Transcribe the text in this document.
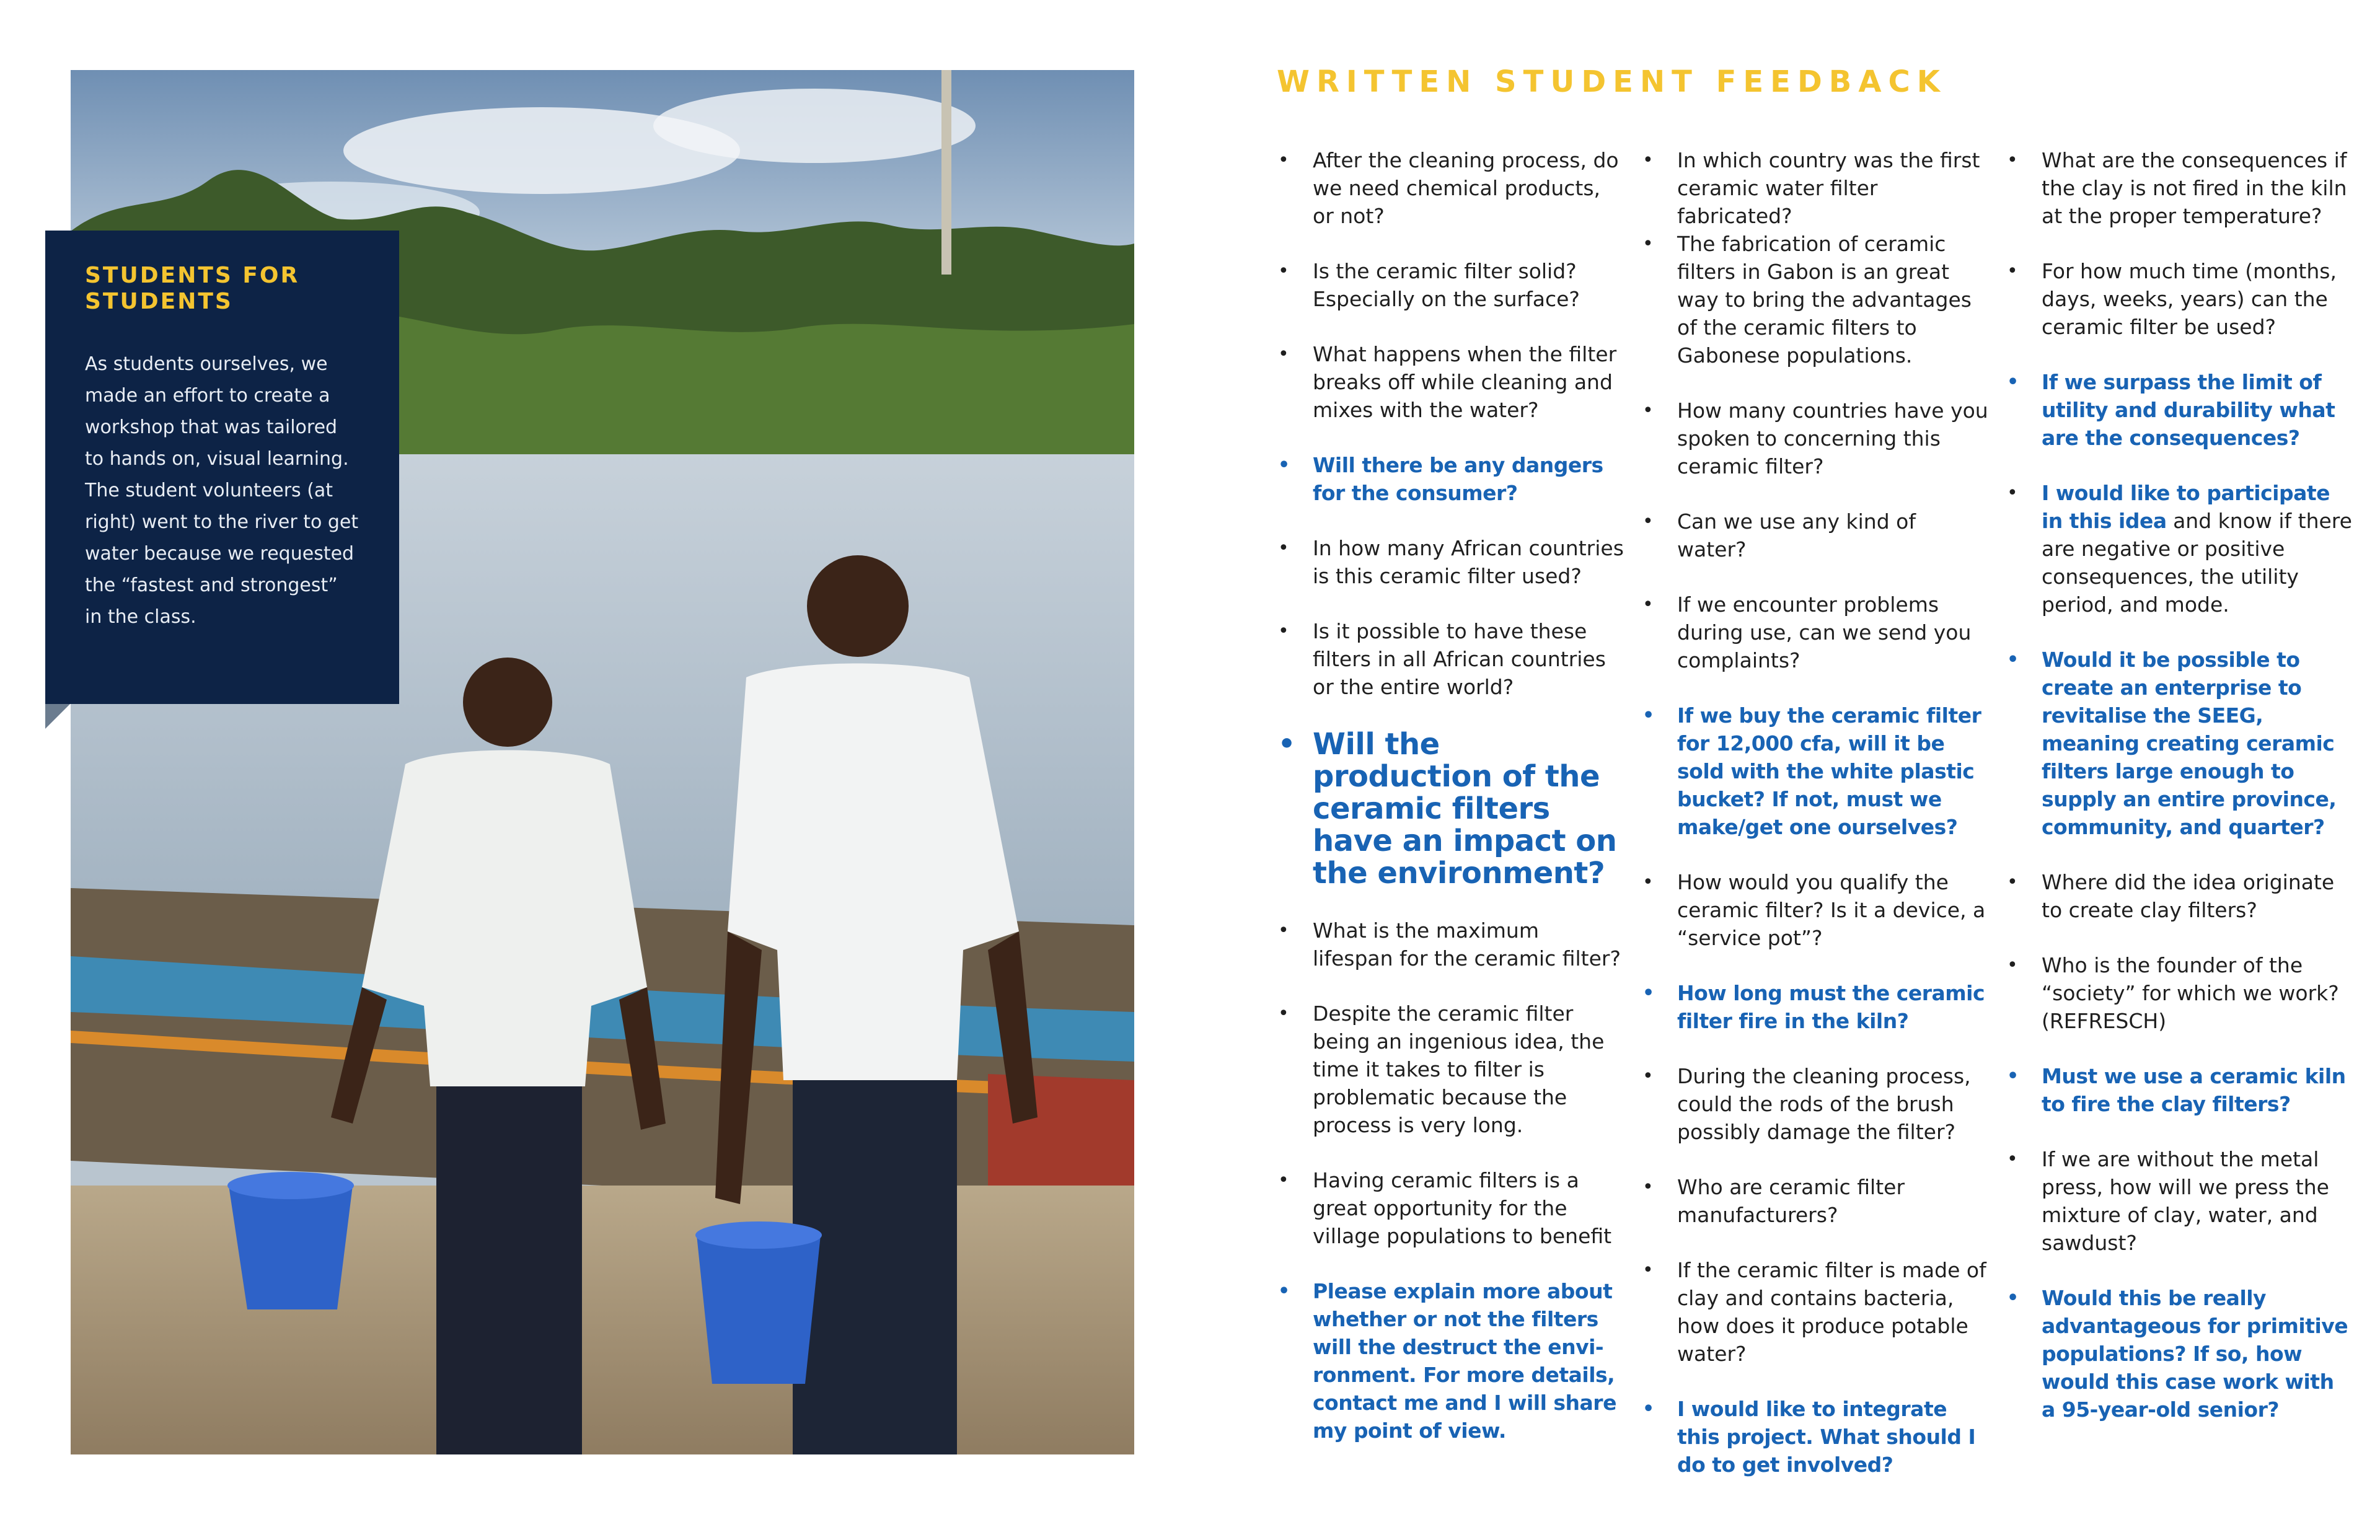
STUDENTS FOR STUDENTS

As students ourselves, we made an effort to create a workshop that was tailored to hands on, visual learning. The student volunteers (at right) went to the river to get water because we requested the “fastest and strongest” in the class.

WRITTEN STUDENT FEEDBACK
• After the cleaning process, do we need chemical products, or not?
• Is the ceramic filter solid? Especially on the surface?
• What happens when the filter breaks off while cleaning and mixes with the water?
• Will there be any dangers for the consumer?
• In how many African countries is this ceramic filter used?
• Is it possible to have these filters in all African countries or the entire world?
• Will the production of the ceramic filters have an impact on the environment?
• What is the maximum lifespan for the ceramic filter?
• Despite the ceramic filter being an ingenious idea, the time it takes to filter is problematic because the process is very long.
• Having ceramic filters is a great opportunity for the village populations to benefit
• Please explain more about whether or not the filters will the destruct the envi-ronment. For more details, contact me and I will share my point of view.
• In which country was the first ceramic water filter fabricated?
• The fabrication of ceramic filters in Gabon is an great way to bring the advantages of the ceramic filters to Gabonese populations.
• How many countries have you spoken to concerning this ceramic filter?
• Can we use any kind of water?
• If we encounter problems during use, can we send you complaints?
• If we buy the ceramic filter for 12,000 cfa, will it be sold with the white plastic bucket? If not, must we make/get one ourselves?
• How would you qualify the ceramic filter? Is it a device, a “service pot”?
• How long must the ceramic filter fire in the kiln?
• During the cleaning process, could the rods of the brush possibly damage the filter?
• Who are ceramic filter manufacturers?
• If the ceramic filter is made of clay and contains bacteria, how does it produce potable water?
• I would like to integrate this project. What should I do to get involved?
• What are the consequences if the clay is not fired in the kiln at the proper temperature?
• For how much time (months, days, weeks, years) can the ceramic filter be used?
• If we surpass the limit of utility and durability what are the consequences?
• I would like to participate in this idea and know if there are negative or positive consequences, the utility period, and mode.
• Would it be possible to create an enterprise to revitalise the SEEG, meaning creating ceramic filters large enough to supply an entire province, community, and quarter?
• Where did the idea originate to create clay filters?
• Who is the founder of the “society” for which we work? (REFRESCH)
• Must we use a ceramic kiln to fire the clay filters?
• If we are without the metal press, how will we press the mixture of clay, water, and sawdust?
• Would this be really advantageous for primitive populations? If so, how would this case work with a 95-year-old senior?
